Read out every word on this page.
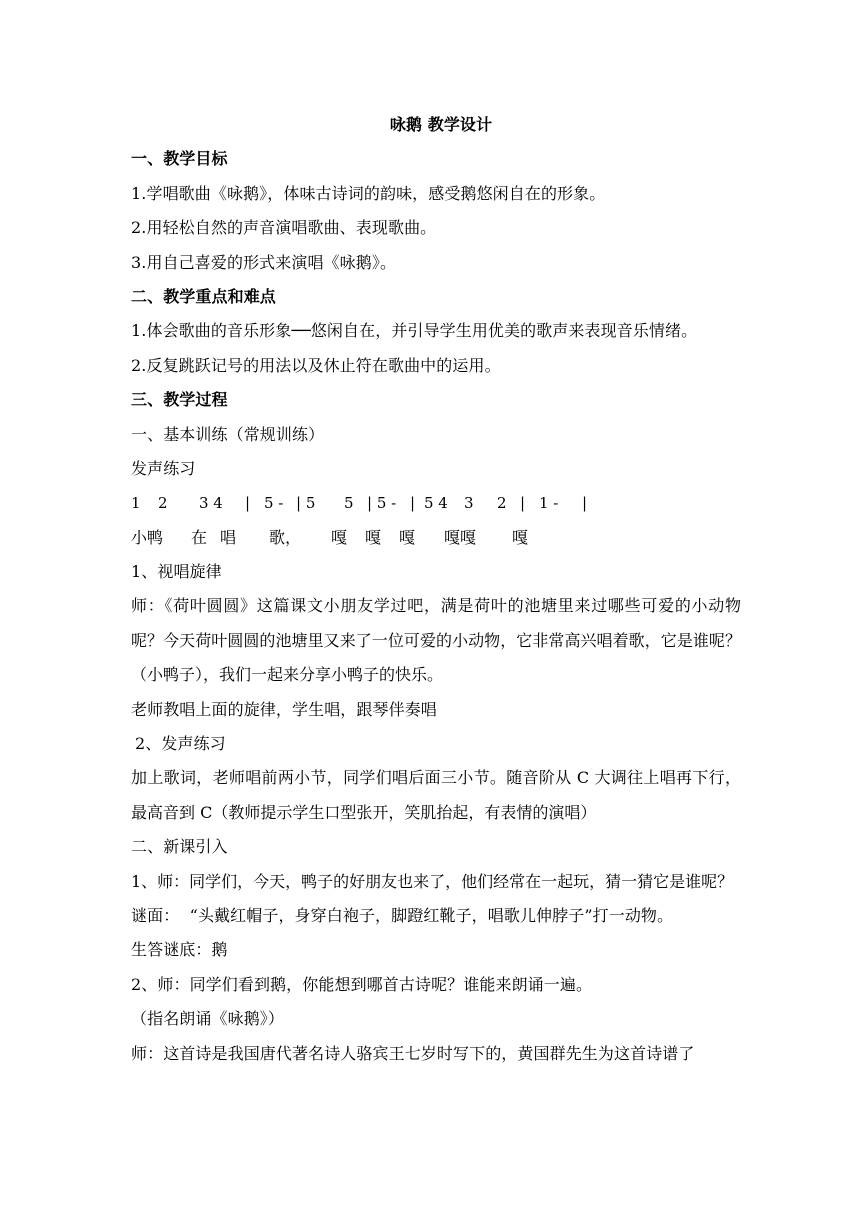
咏鹅 教学设计
一、教学目标
1.学唱歌曲《咏鹅》，体味古诗词的韵味，感受鹅悠闲自在的形象。
2.用轻松自然的声音演唱歌曲、表现歌曲。
3.用自己喜爱的形式来演唱《咏鹅》。
二、教学重点和难点
1.体会歌曲的音乐形象──悠闲自在，并引导学生用优美的歌声来表现音乐情绪。
2.反复跳跃记号的用法以及休止符在歌曲中的运用。
三、教学过程
一、基本训练（常规训练）
发声练习
1 2 3 4 | 5 - | 5 5 | 5 - | 5 4 3 2 | 1 - |
小鸭 在 唱 歌， 嘎 嘎 嘎 嘎嘎 嘎
1、视唱旋律
师：《荷叶圆圆》这篇课文小朋友学过吧，满是荷叶的池塘里来过哪些可爱的小动物呢？今天荷叶圆圆的池塘里又来了一位可爱的小动物，它非常高兴唱着歌，它是谁呢？（小鸭子），我们一起来分享小鸭子的快乐。
老师教唱上面的旋律，学生唱，跟琴伴奏唱
2、发声练习
加上歌词，老师唱前两小节，同学们唱后面三小节。随音阶从 C 大调往上唱再下行，最高音到 C（教师提示学生口型张开，笑肌抬起，有表情的演唱）
二、新课引入
1、师：同学们，今天，鸭子的好朋友也来了，他们经常在一起玩，猜一猜它是谁呢？
谜面：  “头戴红帽子，身穿白袍子，脚蹬红靴子，唱歌儿伸脖子”打一动物。
生答谜底：鹅
2、师：同学们看到鹅，你能想到哪首古诗呢？谁能来朗诵一遍。
（指名朗诵《咏鹅》）
师：这首诗是我国唐代著名诗人骆宾王七岁时写下的，黄国群先生为这首诗谱了
